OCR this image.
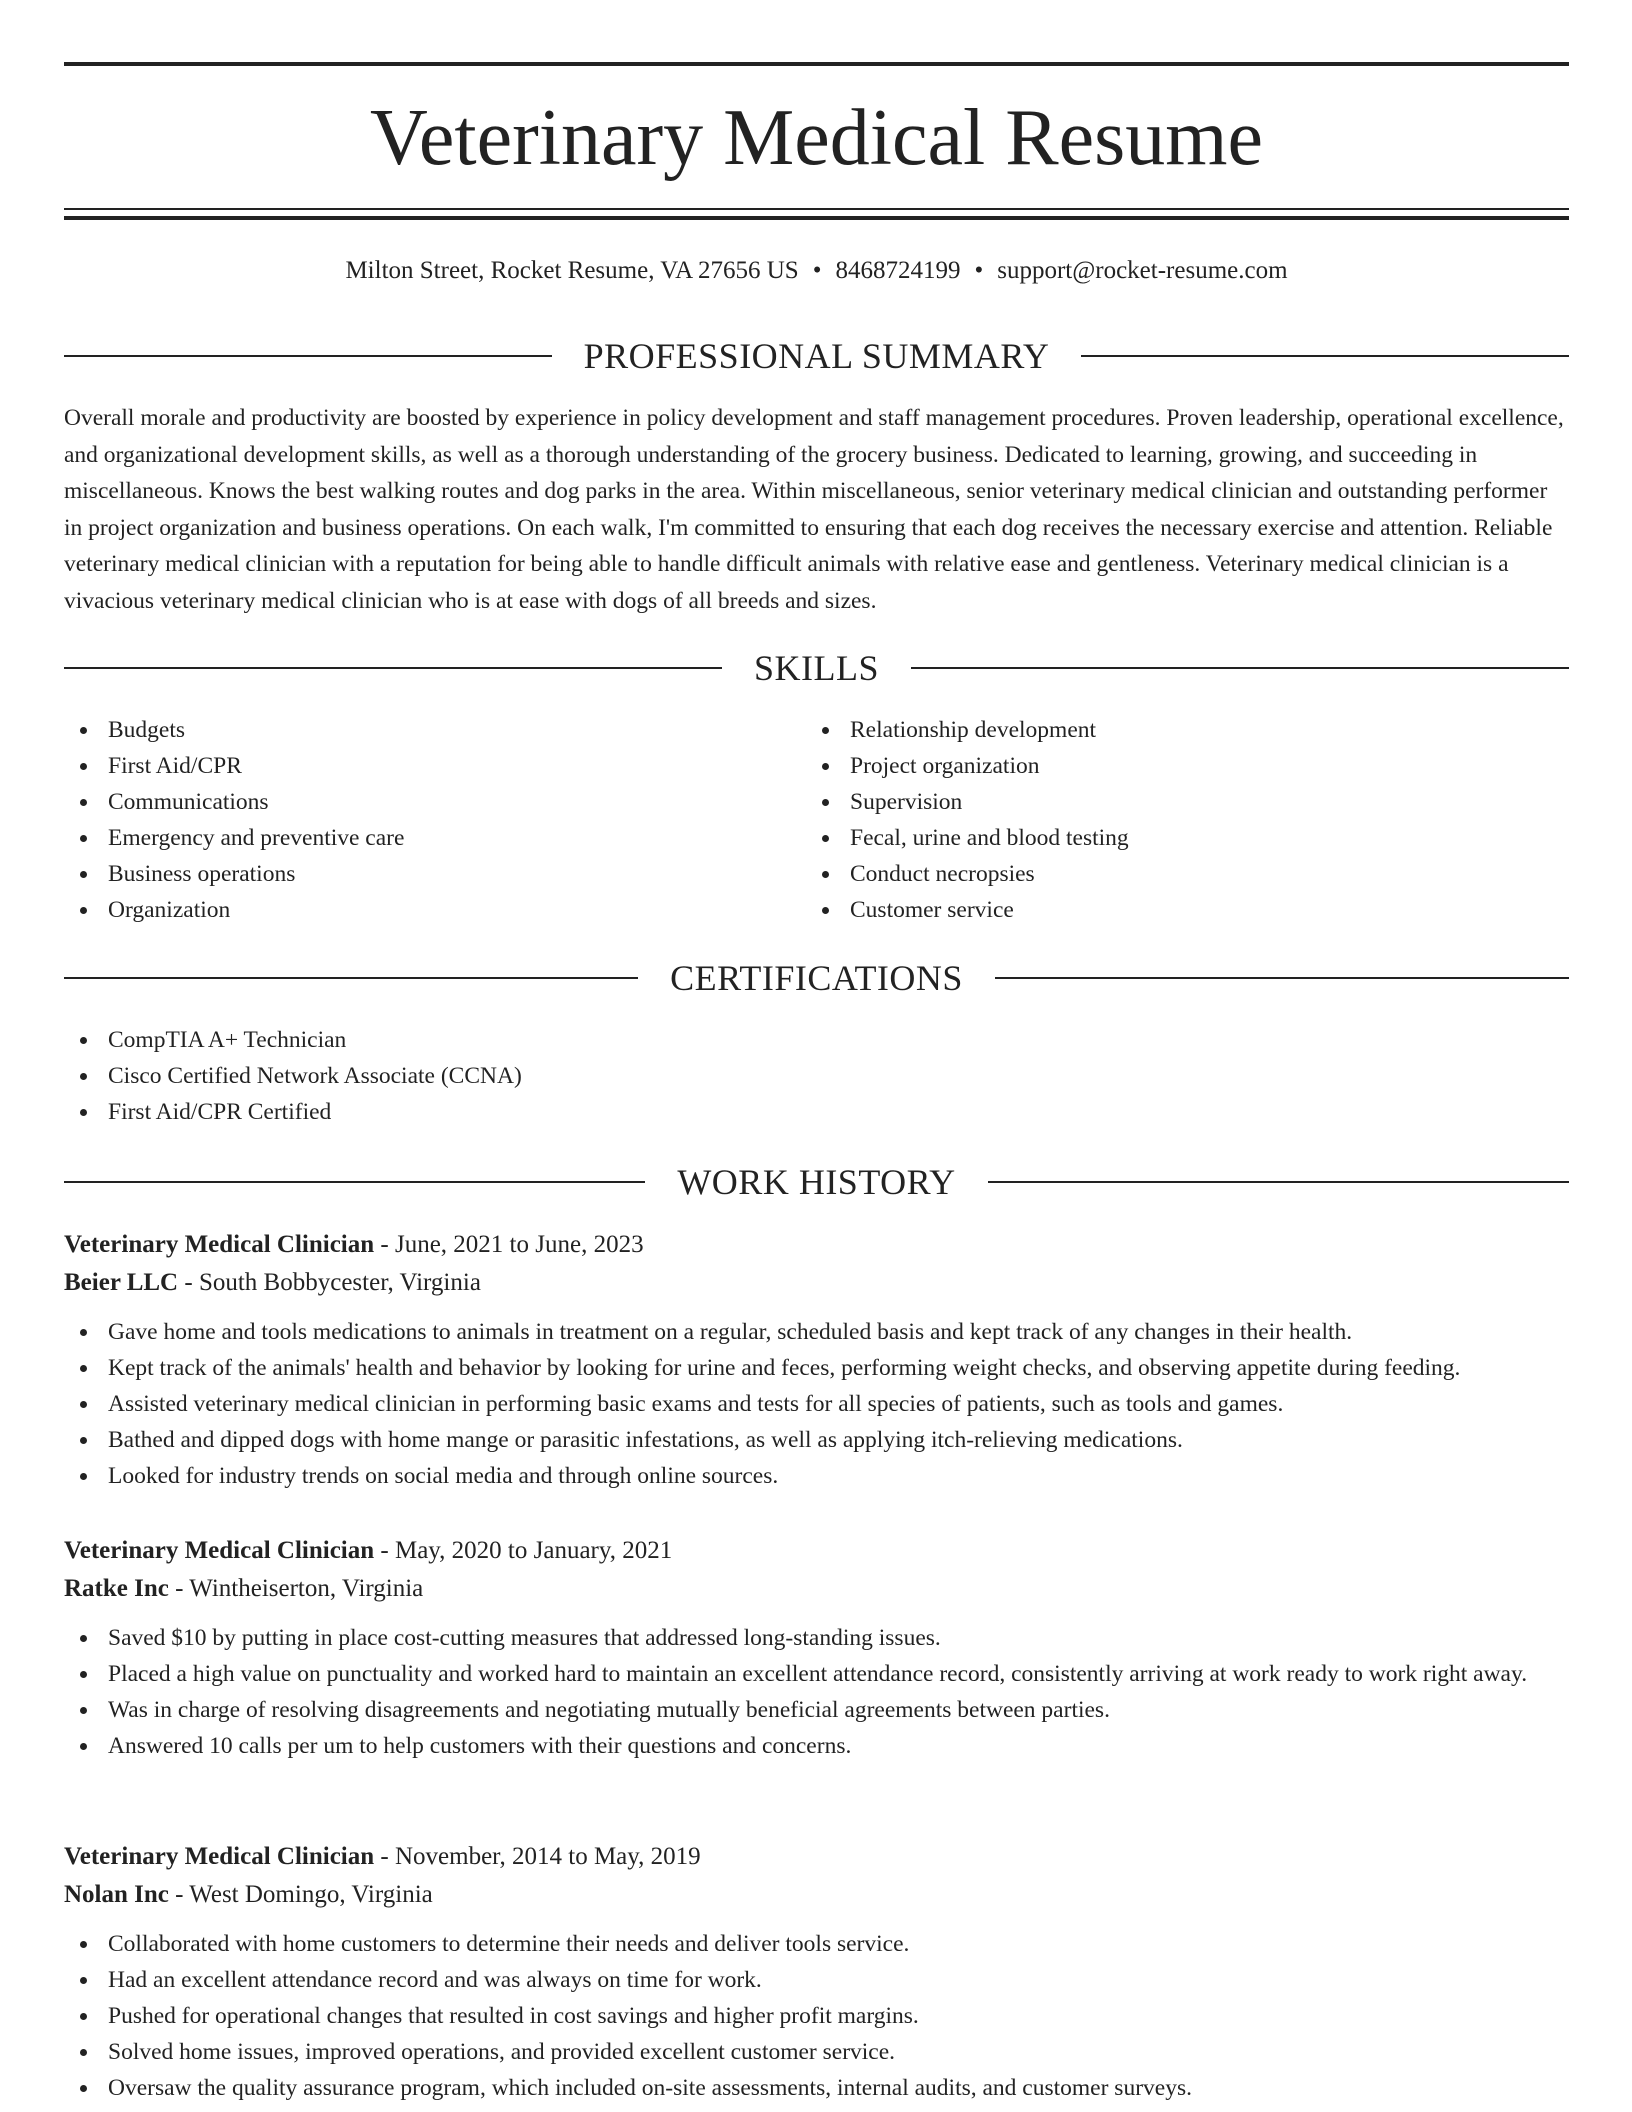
Veterinary Medical Resume
Milton Street, Rocket Resume, VA 27656 US • 8468724199 • support@rocket-resume.com
PROFESSIONAL SUMMARY

Overall morale and productivity are boosted by experience in policy development and staff management procedures. Proven leadership, operational excellence, and organizational development skills, as well as a thorough understanding of the grocery business. Dedicated to learning, growing, and succeeding in miscellaneous. Knows the best walking routes and dog parks in the area. Within miscellaneous, senior veterinary medical clinician and outstanding performer in project organization and business operations. On each walk, I'm committed to ensuring that each dog receives the necessary exercise and attention. Reliable veterinary medical clinician with a reputation for being able to handle difficult animals with relative ease and gentleness. Veterinary medical clinician is a vivacious veterinary medical clinician who is at ease with dogs of all breeds and sizes.

SKILLS
Budgets
First Aid/CPR
Communications
Emergency and preventive care
Business operations
Organization
Relationship development
Project organization
Supervision
Fecal, urine and blood testing
Conduct necropsies
Customer service
CERTIFICATIONS
CompTIA A+ Technician
Cisco Certified Network Associate (CCNA)
First Aid/CPR Certified
WORK HISTORY
Veterinary Medical Clinician - June, 2021 to June, 2023
Beier LLC - South Bobbycester, Virginia
Gave home and tools medications to animals in treatment on a regular, scheduled basis and kept track of any changes in their health.
Kept track of the animals' health and behavior by looking for urine and feces, performing weight checks, and observing appetite during feeding.
Assisted veterinary medical clinician in performing basic exams and tests for all species of patients, such as tools and games.
Bathed and dipped dogs with home mange or parasitic infestations, as well as applying itch-relieving medications.
Looked for industry trends on social media and through online sources.
Veterinary Medical Clinician - May, 2020 to January, 2021
Ratke Inc - Wintheiserton, Virginia
Saved $10 by putting in place cost-cutting measures that addressed long-standing issues.
Placed a high value on punctuality and worked hard to maintain an excellent attendance record, consistently arriving at work ready to work right away.
Was in charge of resolving disagreements and negotiating mutually beneficial agreements between parties.
Answered 10 calls per um to help customers with their questions and concerns.
Veterinary Medical Clinician - November, 2014 to May, 2019
Nolan Inc - West Domingo, Virginia
Collaborated with home customers to determine their needs and deliver tools service.
Had an excellent attendance record and was always on time for work.
Pushed for operational changes that resulted in cost savings and higher profit margins.
Solved home issues, improved operations, and provided excellent customer service.
Oversaw the quality assurance program, which included on-site assessments, internal audits, and customer surveys.
